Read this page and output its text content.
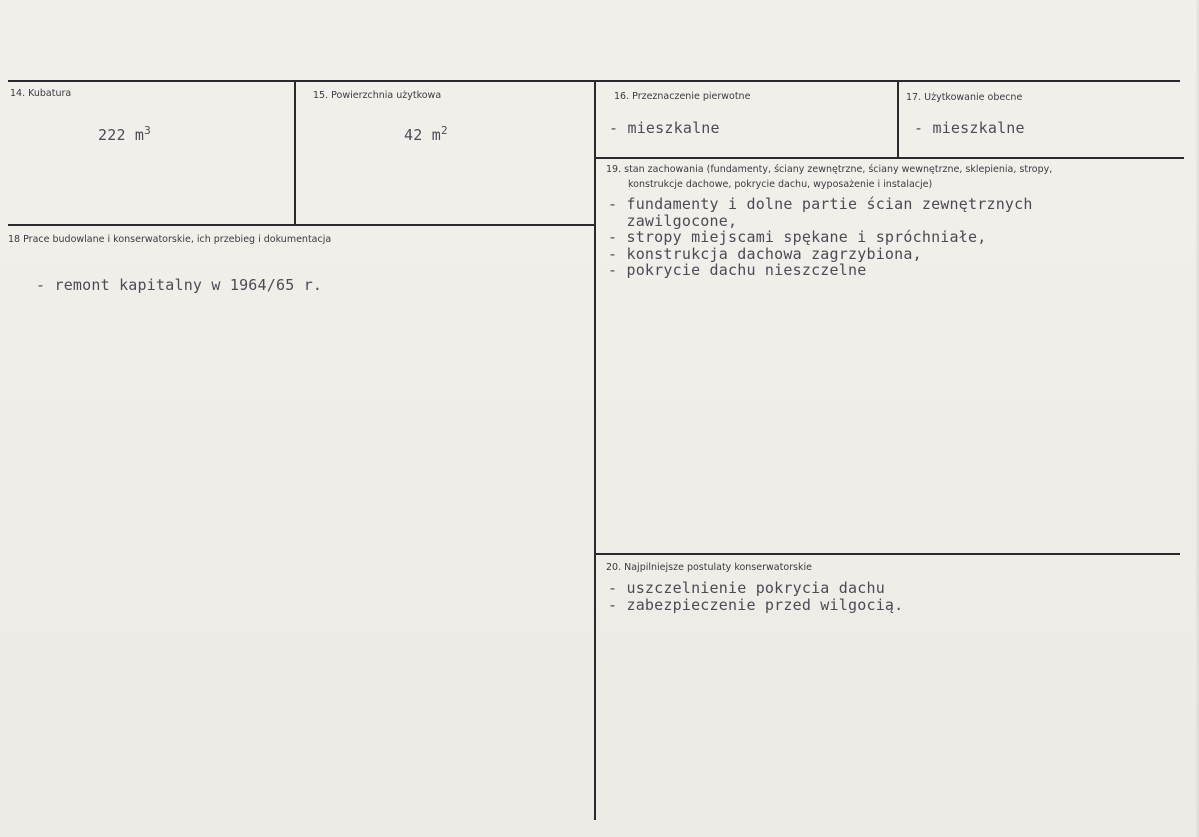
14. Kubatura
222 $m^3$
15. Powierzchnia użytkowa
42 $m^2$
16. Przeznaczenie pierwotne
- mieszkalne
17. Użytkowanie obecne
- mieszkalne
18 Prace budowlane i konserwatorskie, ich przebieg i dokumentacja
- remont kapitalny w 1964/65 r.
19. stan zachowania (fundamenty, ściany zewnętrzne, ściany wewnętrzne, sklepienia, stropy,
konstrukcje dachowe, pokrycie dachu, wyposażenie i instalacje)
- fundamenty i dolne partie ścian zewnętrznych
zawilgocone,
- stropy miejscami spękane i spróchniałe,
- konstrukcja dachowa zagrzybiona,
- pokrycie dachu nieszczelne
20. Najpilniejsze postulaty konserwatorskie
- uszczelnienie pokrycia dachu
- zabezpieczenie przed wilgocią.
